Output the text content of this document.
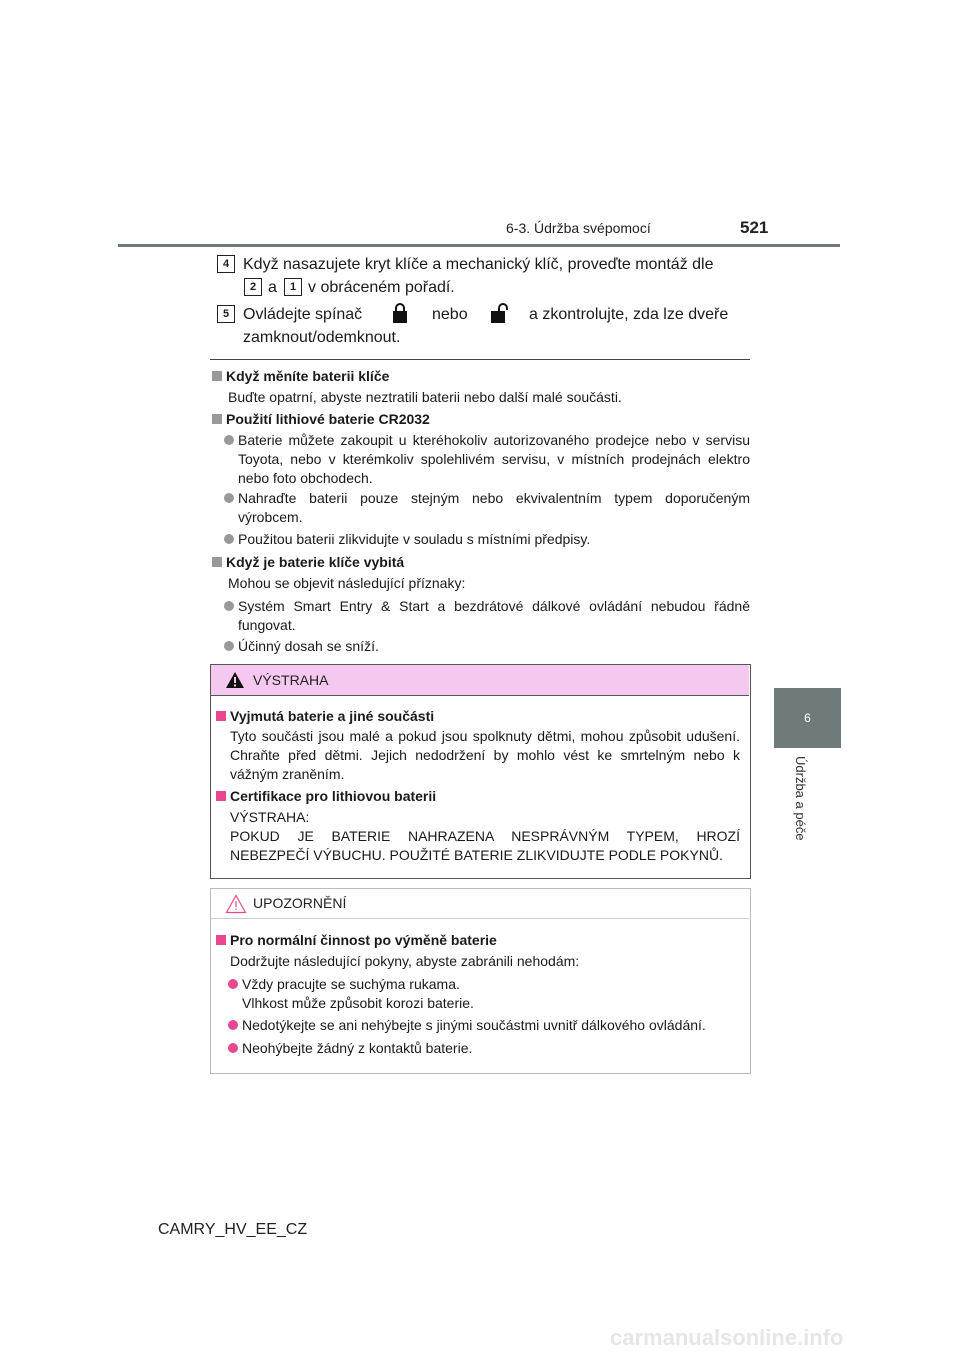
6-3. Údržba svépomocí	521
6
Údržba a péče
4 Když nasazujete kryt klíče a mechanický klíč, proveďte montáž dle
2 a	1 v obráceném pořadí.
5 Ovládejte spínač	nebo	a zkontrolujte, zda lze dveře
zamknout/odemknout.
Když měníte baterii klíče
Buďte opatrní, abyste neztratili baterii nebo další malé součásti.
Použití lithiové baterie CR2032
Baterie můžete zakoupit u kteréhokoliv autorizovaného prodejce nebo v servisu Toyota, nebo v kterémkoliv spolehlivém servisu, v místních prodejnách elektro nebo foto obchodech.
Nahraďte baterii pouze stejným nebo ekvivalentním typem doporučeným výrobcem.
Použitou baterii zlikvidujte v souladu s místními předpisy.
Když je baterie klíče vybitá
Mohou se objevit následující příznaky:
Systém Smart Entry & Start a bezdrátové dálkové ovládání nebudou řádně fungovat.
Účinný dosah se sníží.
VÝSTRAHA
Vyjmutá baterie a jiné součásti
Tyto součásti jsou malé a pokud jsou spolknuty dětmi, mohou způsobit udušení. Chraňte před dětmi. Jejich nedodržení by mohlo vést ke smrtelným nebo k vážným zraněním.
Certifikace pro lithiovou baterii
VÝSTRAHA:
POKUD JE BATERIE NAHRAZENA NESPRÁVNÝM TYPEM, HROZÍ NEBEZPEČÍ VÝBUCHU. POUŽITÉ BATERIE ZLIKVIDUJTE PODLE POKYNŮ.
UPOZORNĚNÍ
Pro normální činnost po výměně baterie
Dodržujte následující pokyny, abyste zabránili nehodám:
Vždy pracujte se suchýma rukama.
Vlhkost může způsobit korozi baterie.
Nedotýkejte se ani nehýbejte s jinými součástmi uvnitř dálkového ovládání.
Neohýbejte žádný z kontaktů baterie.
CAMRY_HV_EE_CZ
carmanualsonline.info
